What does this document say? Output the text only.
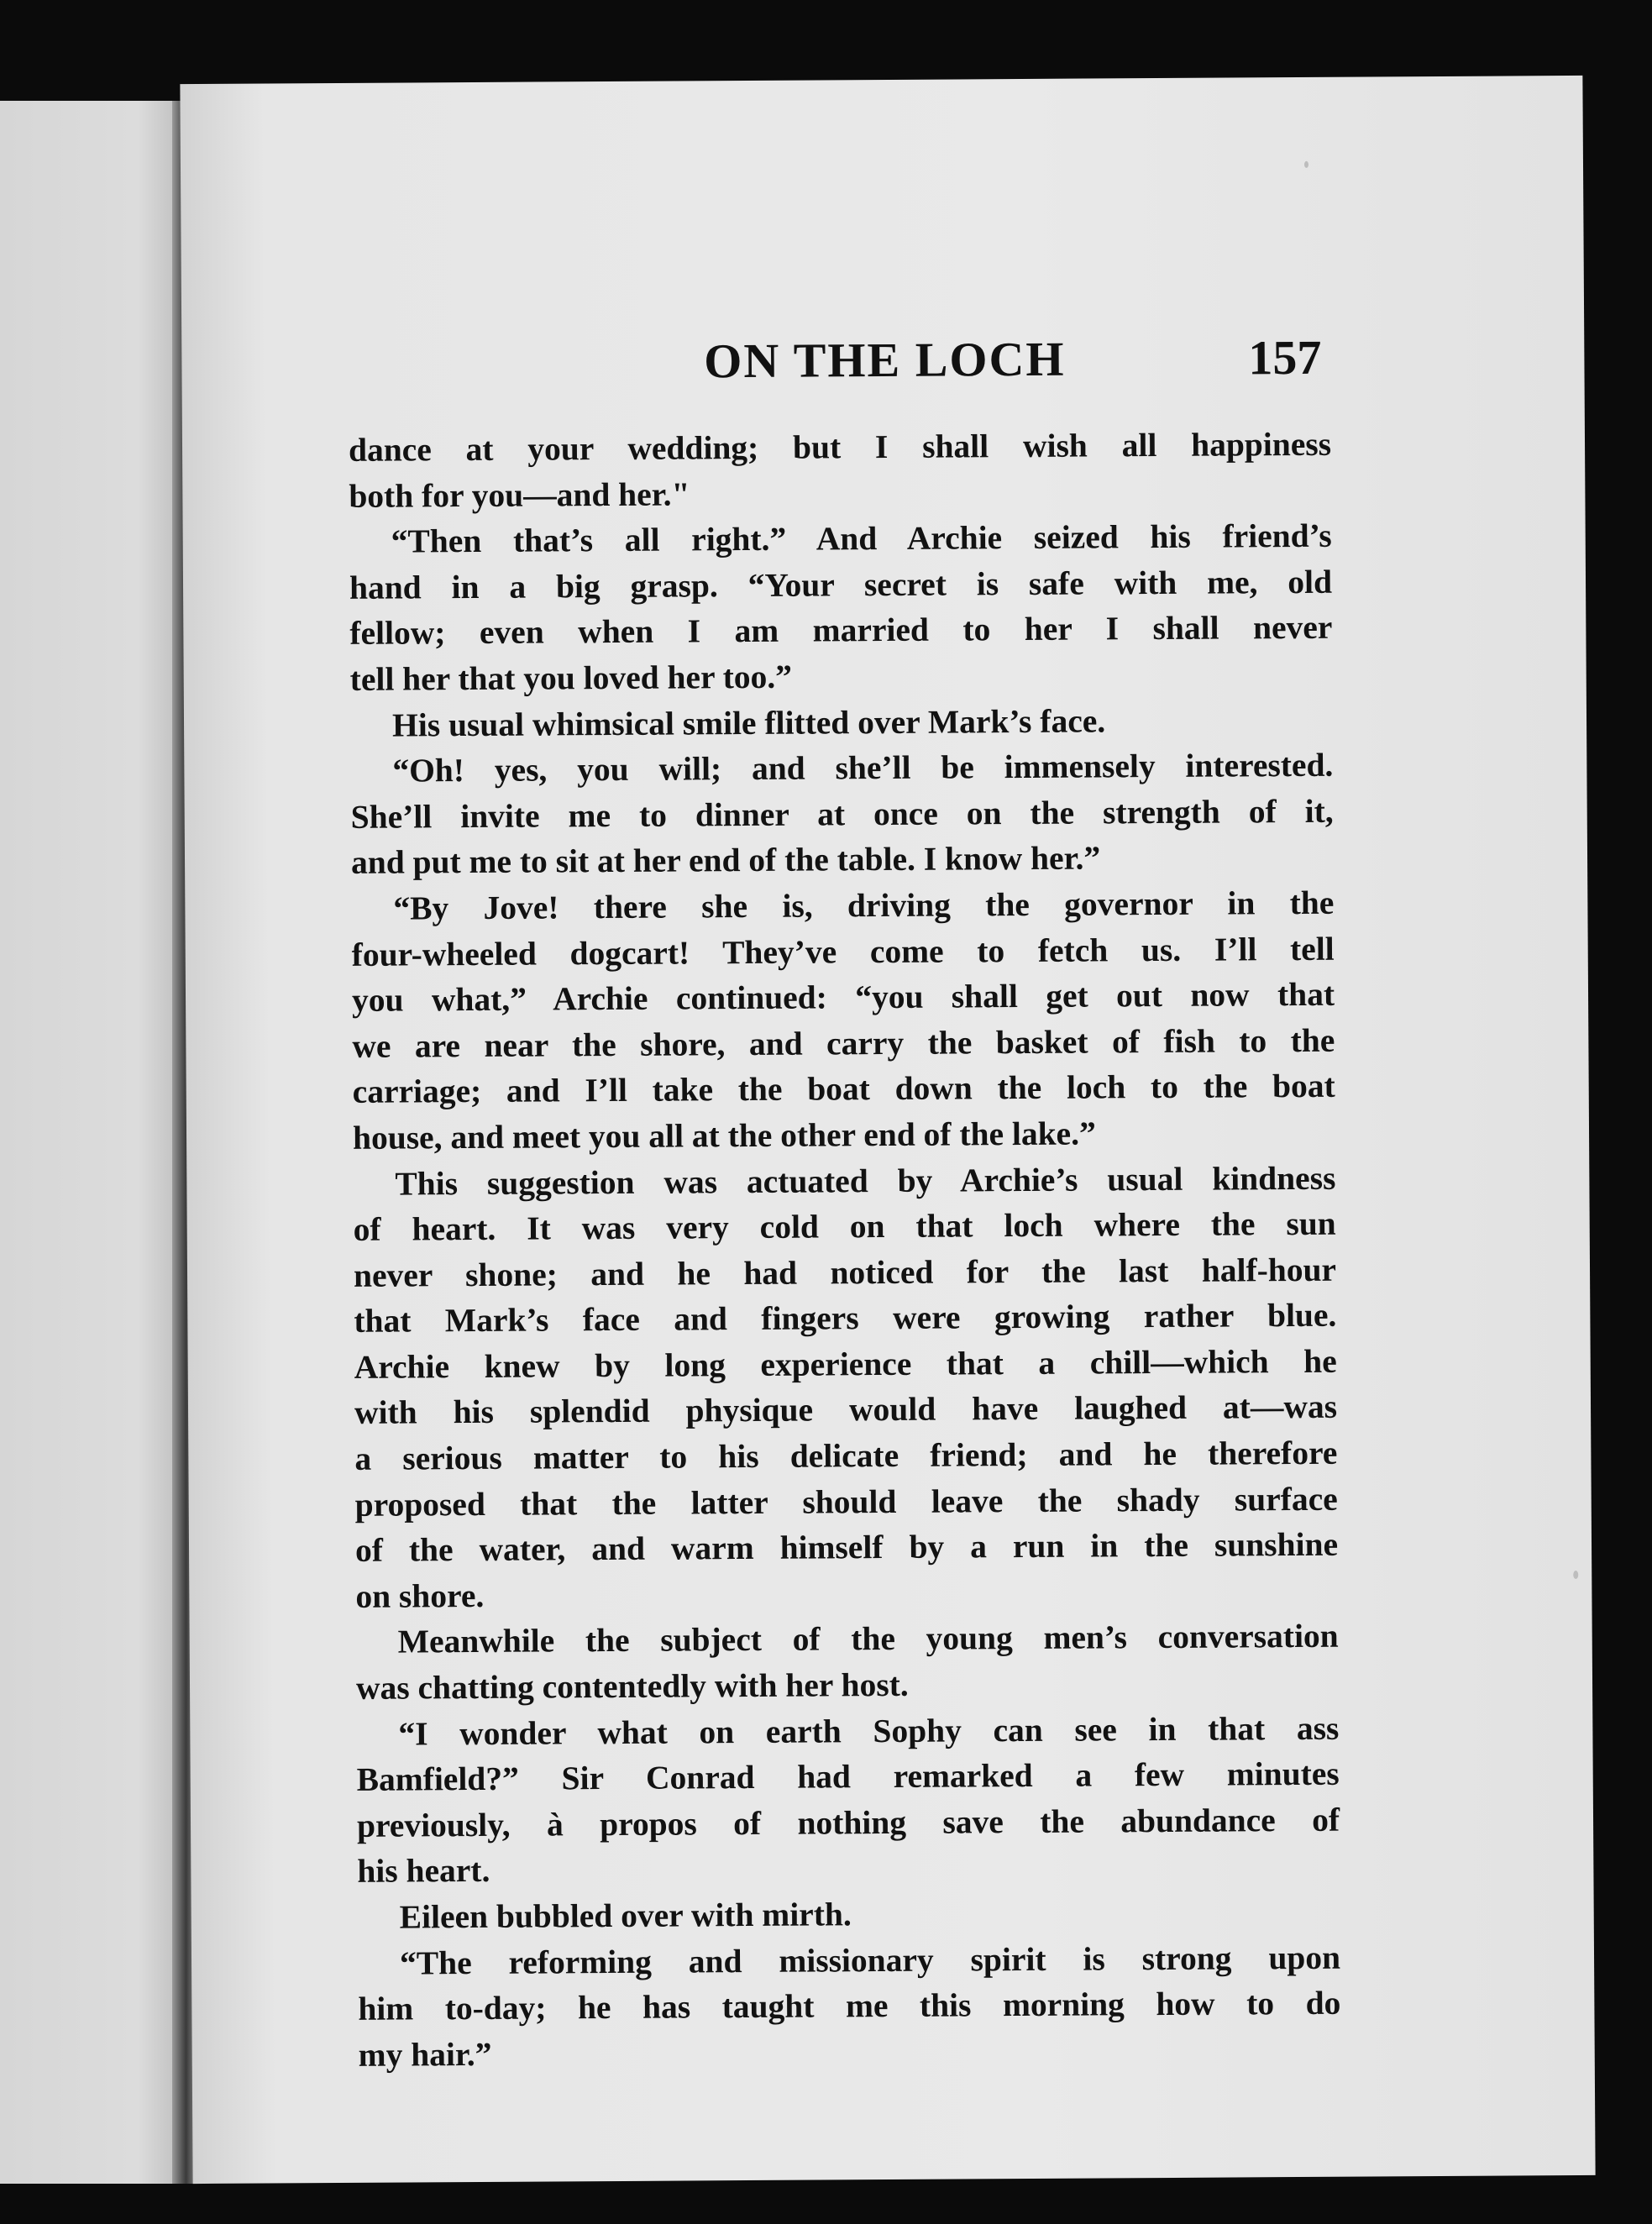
ON THE LOCH	157
dance at your wedding; but I shall wish all happiness
both for you—and her."
“Then that’s all right.” And Archie seized his friend’s
hand in a big grasp. “Your secret is safe with me, old
fellow; even when I am married to her I shall never
tell her that you loved her too.”
His usual whimsical smile flitted over Mark’s face.
“Oh! yes, you will; and she’ll be immensely interested.
She’ll invite me to dinner at once on the strength of it,
and put me to sit at her end of the table. I know her.”
“By Jove! there she is, driving the governor in the
four-wheeled dogcart! They’ve come to fetch us. I’ll tell
you what,” Archie continued: “you shall get out now that
we are near the shore, and carry the basket of fish to the
carriage; and I’ll take the boat down the loch to the boat
house, and meet you all at the other end of the lake.”
This suggestion was actuated by Archie’s usual kindness
of heart. It was very cold on that loch where the sun
never shone; and he had noticed for the last half-hour
that Mark’s face and fingers were growing rather blue.
Archie knew by long experience that a chill—which he
with his splendid physique would have laughed at—was
a serious matter to his delicate friend; and he therefore
proposed that the latter should leave the shady surface
of the water, and warm himself by a run in the sunshine
on shore.
Meanwhile the subject of the young men’s conversation
was chatting contentedly with her host.
“I wonder what on earth Sophy can see in that ass
Bamfield?” Sir Conrad had remarked a few minutes
previously, à propos of nothing save the abundance of
his heart.
Eileen bubbled over with mirth.
“The reforming and missionary spirit is strong upon
him to-day; he has taught me this morning how to do
my hair.”
